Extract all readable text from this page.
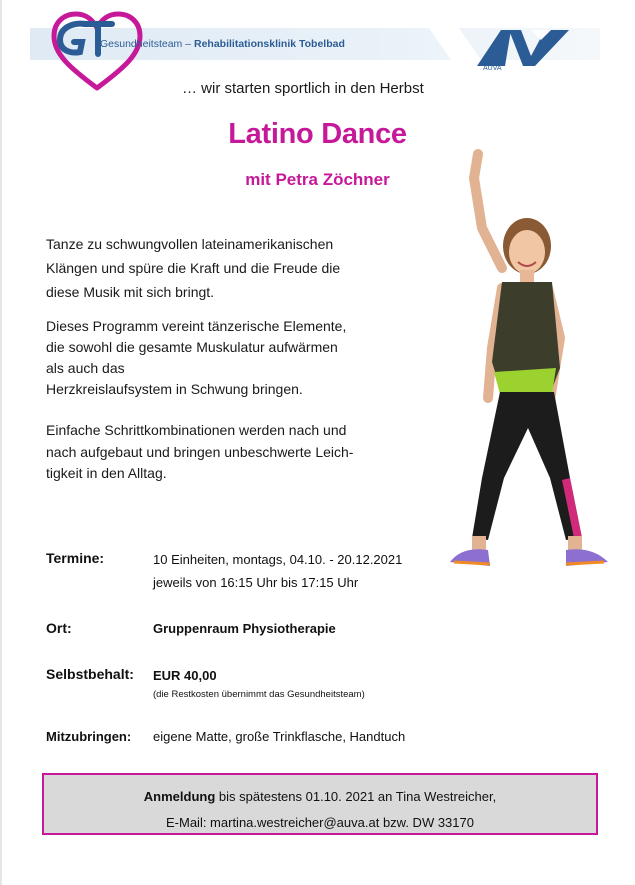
Gesundheitsteam – Rehabilitationsklinik Tobelbad
AUVA
… wir starten sportlich in den Herbst
Latino Dance
mit Petra Zöchner

Tanze zu schwungvollen lateinamerikanischen
Klängen und spüre die Kraft und die Freude die
diese Musik mit sich bringt.

Dieses Programm vereint tänzerische Elemente,
die sowohl die gesamte Muskulatur aufwärmen
als auch das
Herzkreislaufsystem in Schwung bringen.

Einfache Schrittkombinationen werden nach und
nach aufgebaut und bringen unbeschwerte Leich-
tigkeit in den Alltag.

Termine:	10 Einheiten, montags, 04.10. - 20.12.2021
jeweils von 16:15 Uhr bis 17:15 Uhr
Ort:	Gruppenraum Physiotherapie
Selbstbehalt: EUR 40,00
(die Restkosten übernimmt das Gesundheitsteam)
Mitzubringen: eigene Matte, große Trinkflasche, Handtuch
Anmeldung bis spätestens 01.10. 2021 an Tina Westreicher,
E-Mail: martina.westreicher@auva.at bzw. DW 33170
